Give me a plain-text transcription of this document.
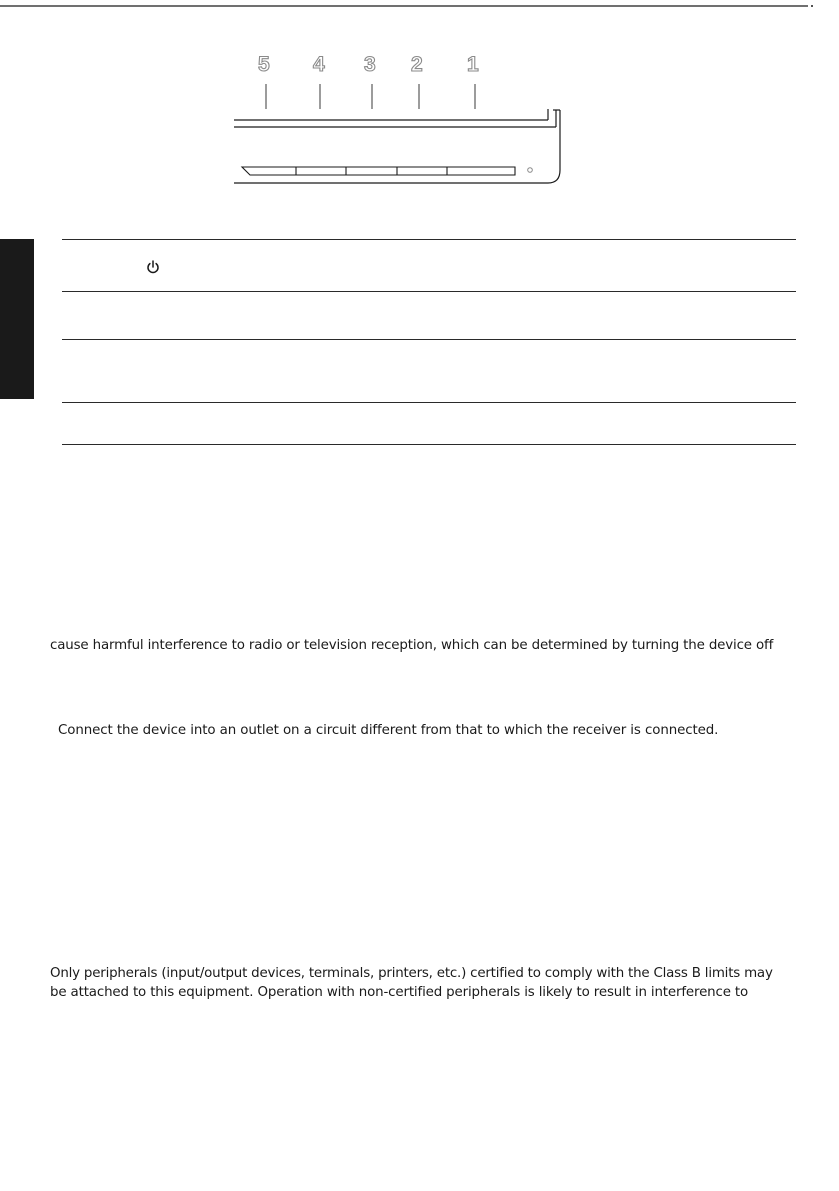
5 4 3 2 1

cause harmful interference to radio or television reception, which can be determined by turning the device off

Connect the device into an outlet on a circuit different from that to which the receiver is connected.

Only peripherals (input/output devices, terminals, printers, etc.) certified to comply with the Class B limits may

be attached to this equipment. Operation with non-certified peripherals is likely to result in interference to
